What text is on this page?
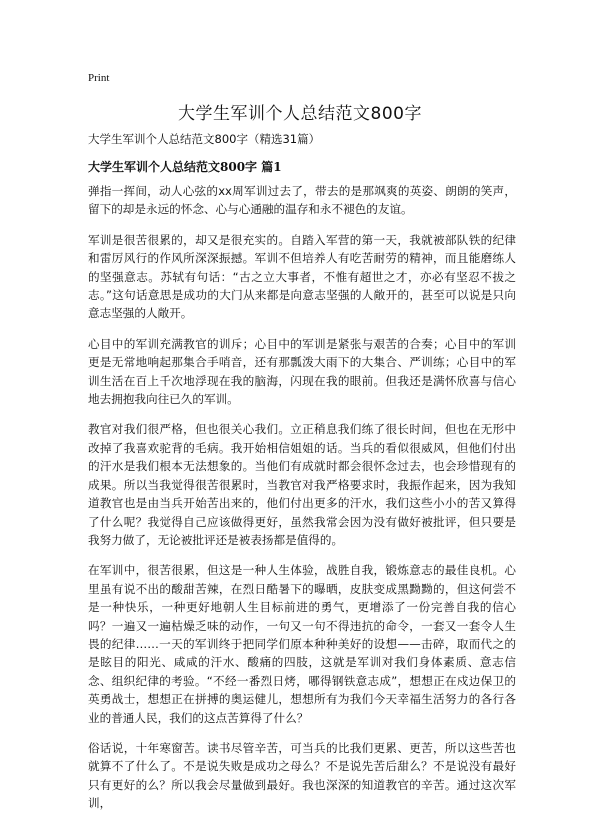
Print
大学生军训个人总结范文800字
大学生军训个人总结范文800字（精选31篇）
大学生军训个人总结范文800字 篇1

弹指一挥间，动人心弦的xx周军训过去了，带去的是那飒爽的英姿、朗朗的笑声，留下的却是永远的怀念、心与心通融的温存和永不褪色的友谊。

军训是很苦很累的，却又是很充实的。自踏入军营的第一天，我就被部队铁的纪律和雷厉风行的作风所深深振撼。军训不但培养人有吃苦耐劳的精神，而且能磨练人的坚强意志。苏轼有句话：“古之立大事者，不惟有超世之才，亦必有坚忍不拔之志。”这句话意思是成功的大门从来都是向意志坚强的人敞开的，甚至可以说是只向意志坚强的人敞开。

心目中的军训充满教官的训斥；心目中的军训是紧张与艰苦的合奏；心目中的军训更是无常地响起那集合手哨音，还有那瓢泼大雨下的大集合、严训练；心目中的军训生活在百上千次地浮现在我的脑海，闪现在我的眼前。但我还是满怀欣喜与信心地去拥抱我向往已久的军训。

教官对我们很严格，但也很关心我们。立正稍息我们练了很长时间，但也在无形中改掉了我喜欢驼背的毛病。我开始相信姐姐的话。当兵的看似很威风，但他们付出的汗水是我们根本无法想象的。当他们有成就时都会很怀念过去，也会珍惜现有的成果。所以当我觉得很苦很累时，当教官对我严格要求时，我振作起来，因为我知道教官也是由当兵开始苦出来的，他们付出更多的汗水，我们这些小小的苦又算得了什么呢？我觉得自己应该做得更好，虽然我常会因为没有做好被批评，但只要是我努力做了，无论被批评还是被表扬都是值得的。

在军训中，很苦很累，但这是一种人生体验，战胜自我，锻炼意志的最佳良机。心里虽有说不出的酸甜苦辣，在烈日酷暑下的曝晒，皮肤变成黑黝黝的，但这何尝不是一种快乐，一种更好地朝人生目标前进的勇气，更增添了一份完善自我的信心吗？一遍又一遍枯燥乏味的动作，一句又一句不得违抗的命令，一套又一套令人生畏的纪律……一天的军训终于把同学们原本种种美好的设想——击碎，取而代之的是眩目的阳光、咸咸的汗水、酸痛的四肢，这就是军训对我们身体素质、意志信念、组织纪律的考验。“不经一番烈日烤，哪得钢铁意志成”，想想正在戍边保卫的英勇战士，想想正在拼搏的奥运健儿，想想所有为我们今天幸福生活努力的各行各业的普通人民，我们的这点苦算得了什么？

俗话说，十年寒窗苦。读书尽管辛苦，可当兵的比我们更累、更苦，所以这些苦也就算不了什么了。不是说失败是成功之母么？不是说先苦后甜么？不是说没有最好只有更好的么？所以我会尽量做到最好。我也深深的知道教官的辛苦。通过这次军训，
